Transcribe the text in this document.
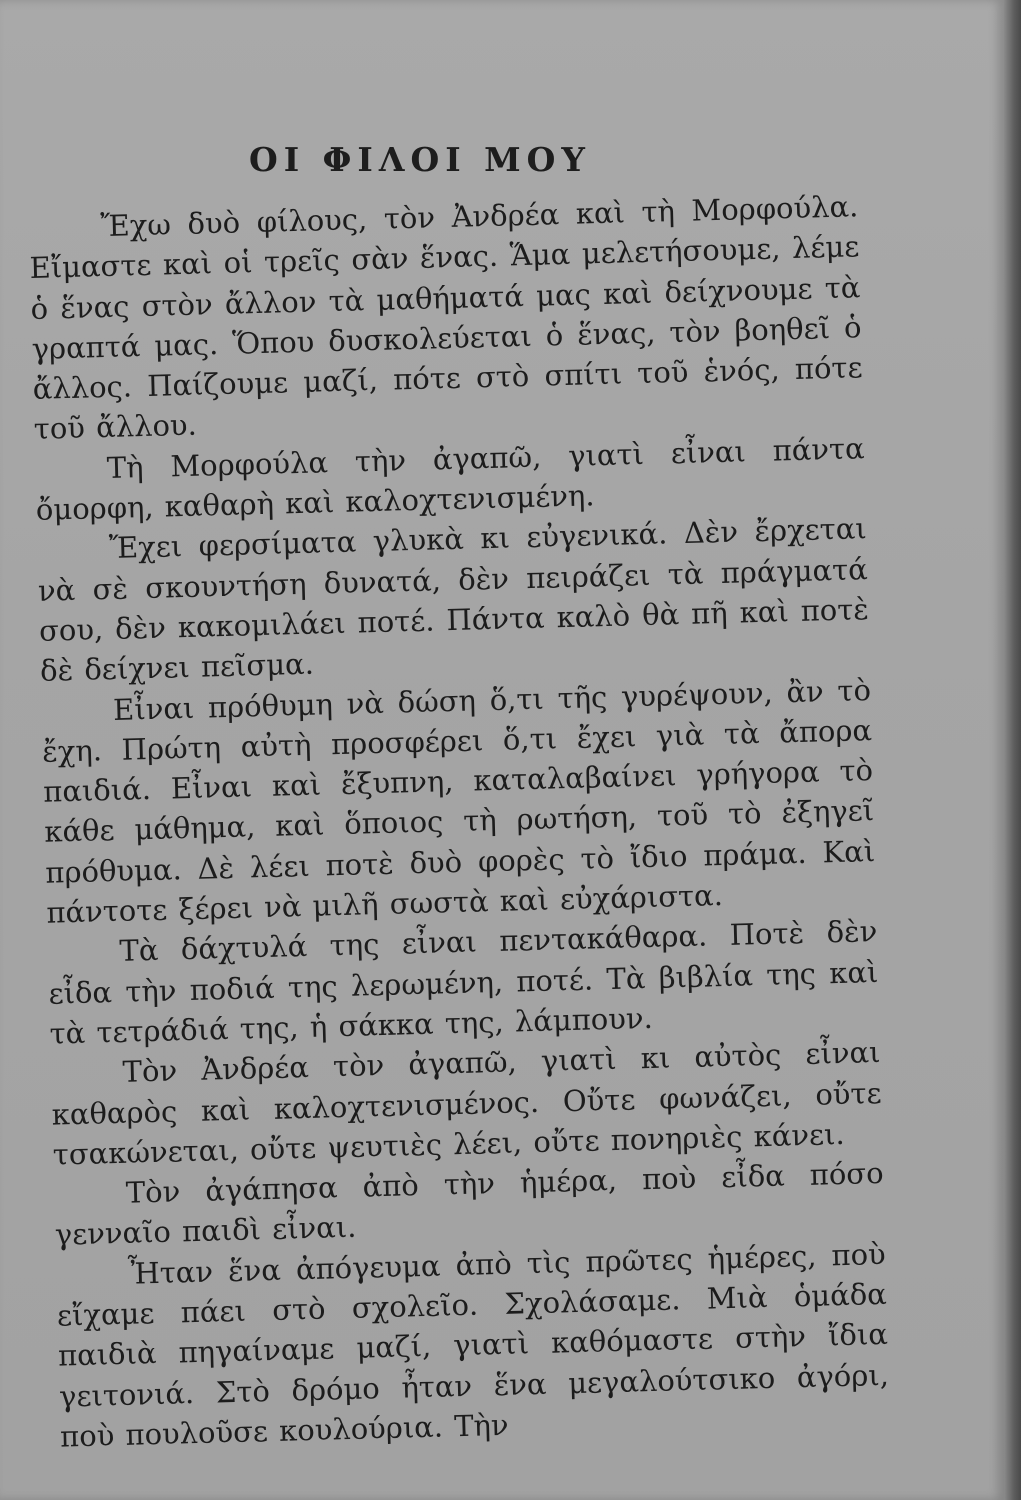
ΟΙ ΦΙΛΟΙ ΜΟΥ

Ἔχω δυὸ φίλους, τὸν Ἀνδρέα καὶ τὴ Μορφούλα. Εἴμαστε καὶ οἱ τρεῖς σὰν ἕνας. Ἅμα μελετήσουμε, λέμε ὁ ἕνας στὸν ἄλλον τὰ μαθήματά μας καὶ δείχνουμε τὰ γραπτά μας. Ὅπου δυσκολεύεται ὁ ἕνας, τὸν βοηθεῖ ὁ ἄλλος. Παίζουμε μαζί, πότε στὸ σπίτι τοῦ ἑνός, πότε τοῦ ἄλλου.

Τὴ Μορφούλα τὴν ἀγαπῶ, γιατὶ εἶναι πάντα ὄμορφη, καθαρὴ καὶ καλοχτενισμένη.

Ἔχει φερσίματα γλυκὰ κι εὐγενικά. Δὲν ἔρχεται νὰ σὲ σκουντήση δυνατά, δὲν πειράζει τὰ πράγματά σου, δὲν κακομιλάει ποτέ. Πάντα καλὸ θὰ πῆ καὶ ποτὲ δὲ δείχνει πεῖσμα.

Εἶναι πρόθυμη νὰ δώση ὅ,τι τῆς γυρέψουν, ἂν τὸ ἔχη. Πρώτη αὐτὴ προσφέρει ὅ,τι ἔχει γιὰ τὰ ἄπορα παιδιά. Εἶναι καὶ ἔξυπνη, καταλαβαίνει γρήγορα τὸ κάθε μάθημα, καὶ ὅποιος τὴ ρωτήση, τοῦ τὸ ἐξηγεῖ πρόθυμα. Δὲ λέει ποτὲ δυὸ φορὲς τὸ ἴδιο πράμα. Καὶ πάντοτε ξέρει νὰ μιλῆ σωστὰ καὶ εὐχάριστα.

Τὰ δάχτυλά της εἶναι πεντακάθαρα. Ποτὲ δὲν εἶδα τὴν ποδιά της λερωμένη, ποτέ. Τὰ βιβλία της καὶ τὰ τετράδιά της, ἡ σάκκα της, λάμπουν.

Τὸν Ἀνδρέα τὸν ἀγαπῶ, γιατὶ κι αὐτὸς εἶναι καθαρὸς καὶ καλοχτενισμένος. Οὔτε φωνάζει, οὔτε τσακώνεται, οὔτε ψευτιὲς λέει, οὔτε πονηριὲς κάνει.

Τὸν ἀγάπησα ἀπὸ τὴν ἡμέρα, ποὺ εἶδα πόσο γενναῖο παιδὶ εἶναι.

Ἦταν ἕνα ἀπόγευμα ἀπὸ τὶς πρῶτες ἡμέρες, ποὺ εἴχαμε πάει στὸ σχολεῖο. Σχολάσαμε. Μιὰ ὁμάδα παιδιὰ πηγαίναμε μαζί, γιατὶ καθόμαστε στὴν ἴδια γειτονιά. Στὸ δρόμο ἦταν ἕνα μεγαλούτσικο ἀγόρι, ποὺ πουλοῦσε κουλούρια. Τὴν
